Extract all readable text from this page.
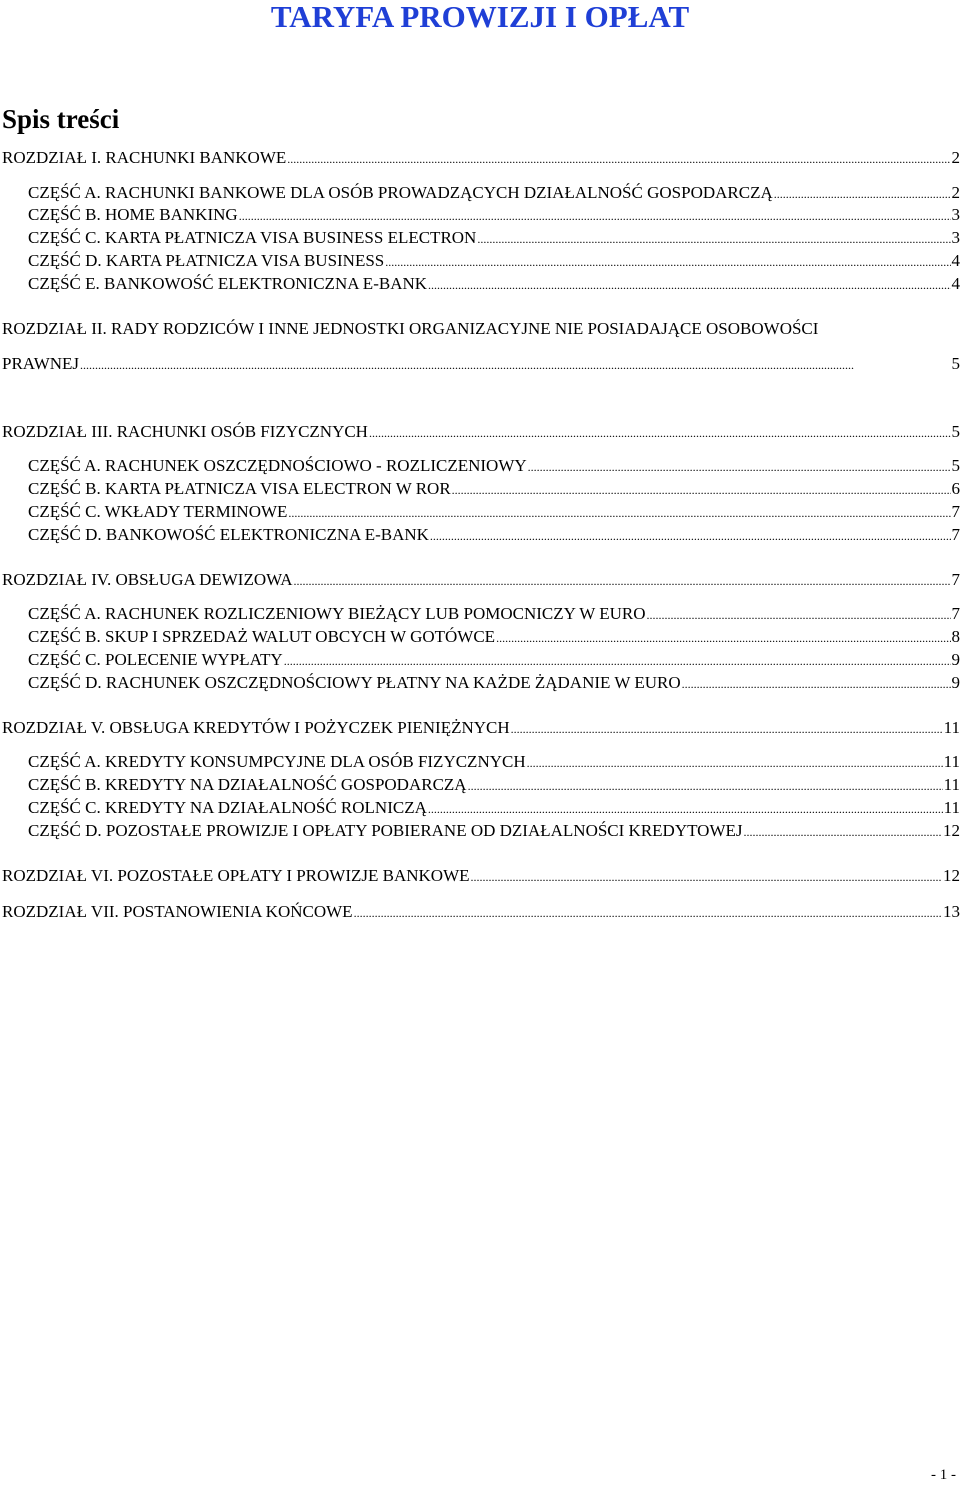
TARYFA PROWIZJI I OPŁAT
Spis treści
ROZDZIAŁ I. RACHUNKI BANKOWE .....	2
CZĘŚĆ A. RACHUNKI BANKOWE DLA OSÓB PROWADZĄCYCH DZIAŁALNOŚĆ GOSPODARCZĄ .....	2
CZĘŚĆ B. HOME BANKING .....	3
CZĘŚĆ C. KARTA PŁATNICZA VISA BUSINESS ELECTRON .....	3
CZĘŚĆ D. KARTA PŁATNICZA VISA BUSINESS .....	4
CZĘŚĆ E. BANKOWOŚĆ ELEKTRONICZNA E-BANK .....	4
ROZDZIAŁ II. RADY RODZICÓW I INNE JEDNOSTKI ORGANIZACYJNE NIE POSIADAJĄCE OSOBOWOŚCI
PRAWNEJ .....	5
ROZDZIAŁ III. RACHUNKI OSÓB FIZYCZNYCH .....	5
CZĘŚĆ A. RACHUNEK OSZCZĘDNOŚCIOWO - ROZLICZENIOWY .....	5
CZĘŚĆ B. KARTA PŁATNICZA VISA ELECTRON W ROR .....	6
CZĘŚĆ C. WKŁADY TERMINOWE .....	7
CZĘŚĆ D. BANKOWOŚĆ ELEKTRONICZNA E-BANK .....	7
ROZDZIAŁ IV. OBSŁUGA DEWIZOWA .....	7
CZĘŚĆ A. RACHUNEK ROZLICZENIOWY BIEŻĄCY LUB POMOCNICZY W EURO .....	7
CZĘŚĆ B. SKUP I SPRZEDAŻ WALUT OBCYCH W GOTÓWCE .....	8
CZĘŚĆ C. POLECENIE WYPŁATY .....	9
CZĘŚĆ D. RACHUNEK OSZCZĘDNOŚCIOWY PŁATNY NA KAŻDE ŻĄDANIE W EURO .....	9
ROZDZIAŁ V. OBSŁUGA KREDYTÓW I POŻYCZEK PIENIĘŻNYCH .....	11
CZĘŚĆ A. KREDYTY KONSUMPCYJNE DLA OSÓB FIZYCZNYCH .....	11
CZĘŚĆ B. KREDYTY NA DZIAŁALNOŚĆ GOSPODARCZĄ .....	11
CZĘŚĆ C. KREDYTY NA DZIAŁALNOŚĆ ROLNICZĄ .....	11
CZĘŚĆ D. POZOSTAŁE PROWIZJE I OPŁATY POBIERANE OD DZIAŁALNOŚCI KREDYTOWEJ .....	12
ROZDZIAŁ VI. POZOSTAŁE OPŁATY I PROWIZJE BANKOWE .....	12
ROZDZIAŁ VII. POSTANOWIENIA KOŃCOWE .....	13
- 1 -
